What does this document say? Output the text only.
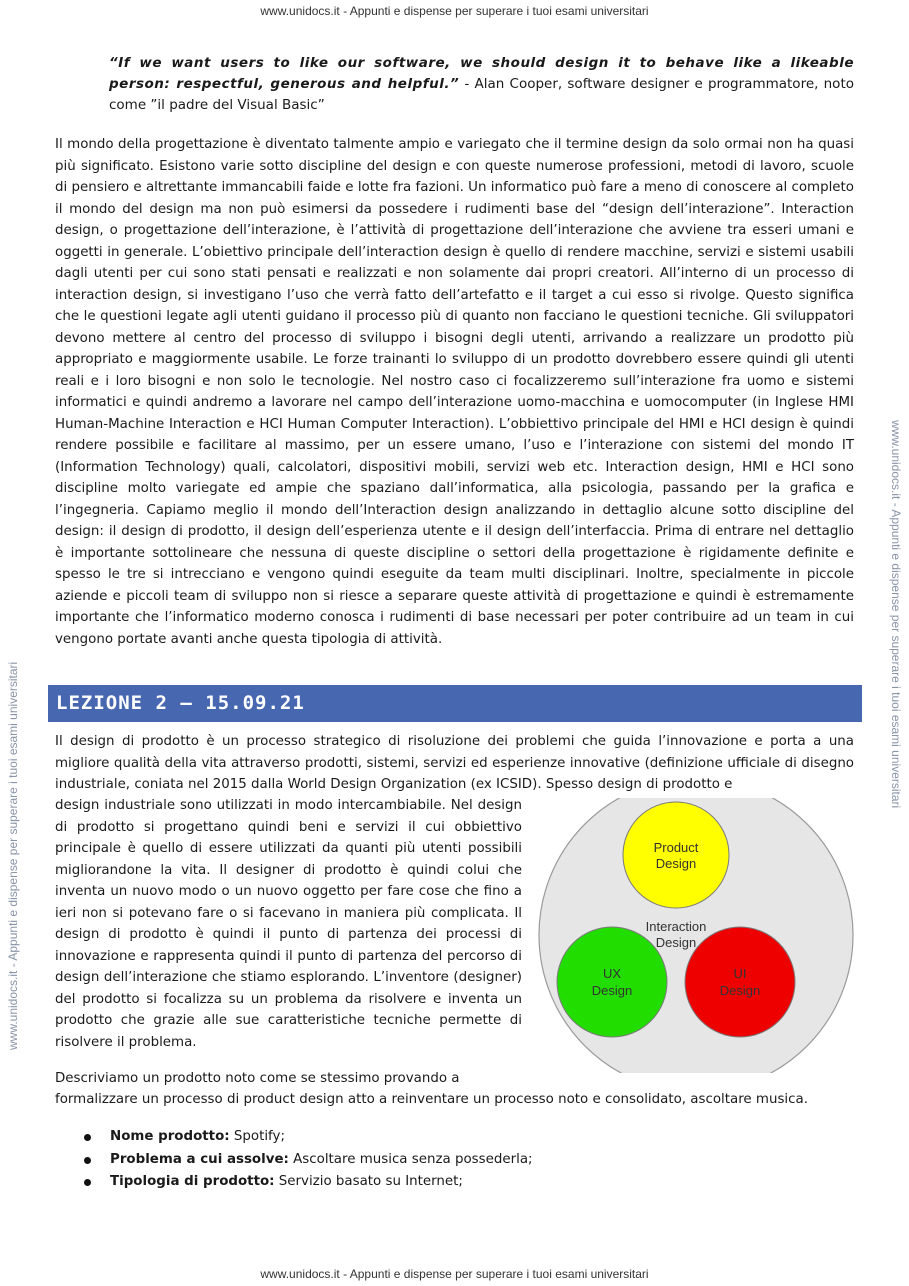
www.unidocs.it - Appunti e dispense per superare i tuoi esami universitari
www.unidocs.it - Appunti e dispense per superare i tuoi esami universitari
www.unidocs.it - Appunti e dispense per superare i tuoi esami universitari
“If we want users to like our software, we should design it to behave like a likeable person: respectful, generous and helpful.” - Alan Cooper, software designer e programmatore, noto come ”il padre del Visual Basic”

Il mondo della progettazione è diventato talmente ampio e variegato che il termine design da solo ormai non ha quasi più significato. Esistono varie sotto discipline del design e con queste numerose professioni, metodi di lavoro, scuole di pensiero e altrettante immancabili faide e lotte fra fazioni. Un informatico può fare a meno di conoscere al completo il mondo del design ma non può esimersi da possedere i rudimenti base del “design dell’interazione”. Interaction design, o progettazione dell’interazione, è l’attività di progettazione dell’interazione che avviene tra esseri umani e oggetti in generale. L’obiettivo principale dell’interaction design è quello di rendere macchine, servizi e sistemi usabili dagli utenti per cui sono stati pensati e realizzati e non solamente dai propri creatori. All’interno di un processo di interaction design, si investigano l’uso che verrà fatto dell’artefatto e il target a cui esso si rivolge. Questo significa che le questioni legate agli utenti guidano il processo più di quanto non facciano le questioni tecniche. Gli sviluppatori devono mettere al centro del processo di sviluppo i bisogni degli utenti, arrivando a realizzare un prodotto più appropriato e maggiormente usabile. Le forze trainanti lo sviluppo di un prodotto dovrebbero essere quindi gli utenti reali e i loro bisogni e non solo le tecnologie. Nel nostro caso ci focalizzeremo sull’interazione fra uomo e sistemi informatici e quindi andremo a lavorare nel campo dell’interazione uomo-macchina e uomocomputer (in Inglese HMI Human-Machine Interaction e HCI Human Computer Interaction). L’obbiettivo principale del HMI e HCI design è quindi rendere possibile e facilitare al massimo, per un essere umano, l’uso e l’interazione con sistemi del mondo IT (Information Technology) quali, calcolatori, dispositivi mobili, servizi web etc. Interaction design, HMI e HCI sono discipline molto variegate ed ampie che spaziano dall’informatica, alla psicologia, passando per la grafica e l’ingegneria. Capiamo meglio il mondo dell’Interaction design analizzando in dettaglio alcune sotto discipline del design: il design di prodotto, il design dell’esperienza utente e il design dell’interfaccia. Prima di entrare nel dettaglio è importante sottolineare che nessuna di queste discipline o settori della progettazione è rigidamente definite e spesso le tre si intrecciano e vengono quindi eseguite da team multi disciplinari. Inoltre, specialmente in piccole aziende e piccoli team di sviluppo non si riesce a separare queste attività di progettazione e quindi è estremamente importante che l’informatico moderno conosca i rudimenti di base necessari per poter contribuire ad un team in cui vengono portate avanti anche questa tipologia di attività.

LEZIONE 2 – 15.09.21

Il design di prodotto è un processo strategico di risoluzione dei problemi che guida l’innovazione e porta a una migliore qualità della vita attraverso prodotti, sistemi, servizi ed esperienze innovative (definizione ufficiale di disegno industriale, coniata nel 2015 dalla World Design Organization (ex ICSID). Spesso design di prodotto e

design industriale sono utilizzati in modo intercambiabile. Nel design di prodotto si progettano quindi beni e servizi il cui obbiettivo principale è quello di essere utilizzati da quanti più utenti possibili migliorandone la vita. Il designer di prodotto è quindi colui che inventa un nuovo modo o un nuovo oggetto per fare cose che fino a ieri non si potevano fare o si facevano in maniera più complicata. Il design di prodotto è quindi il punto di partenza dei processi di innovazione e rappresenta quindi il punto di partenza del percorso di design dell’interazione che stiamo esplorando. L’inventore (designer) del prodotto si focalizza su un problema da risolvere e inventa un prodotto che grazie alle sue caratteristiche tecniche permette di risolvere il problema.

Product
Design
Interaction
Design
UX
Design
UI
Design

Descriviamo un prodotto noto come se stessimo provando a

formalizzare un processo di product design atto a reinventare un processo noto e consolidato, ascoltare musica.

Nome prodotto: Spotify;
Problema a cui assolve: Ascoltare musica senza possederla;
Tipologia di prodotto: Servizio basato su Internet;
www.unidocs.it - Appunti e dispense per superare i tuoi esami universitari
